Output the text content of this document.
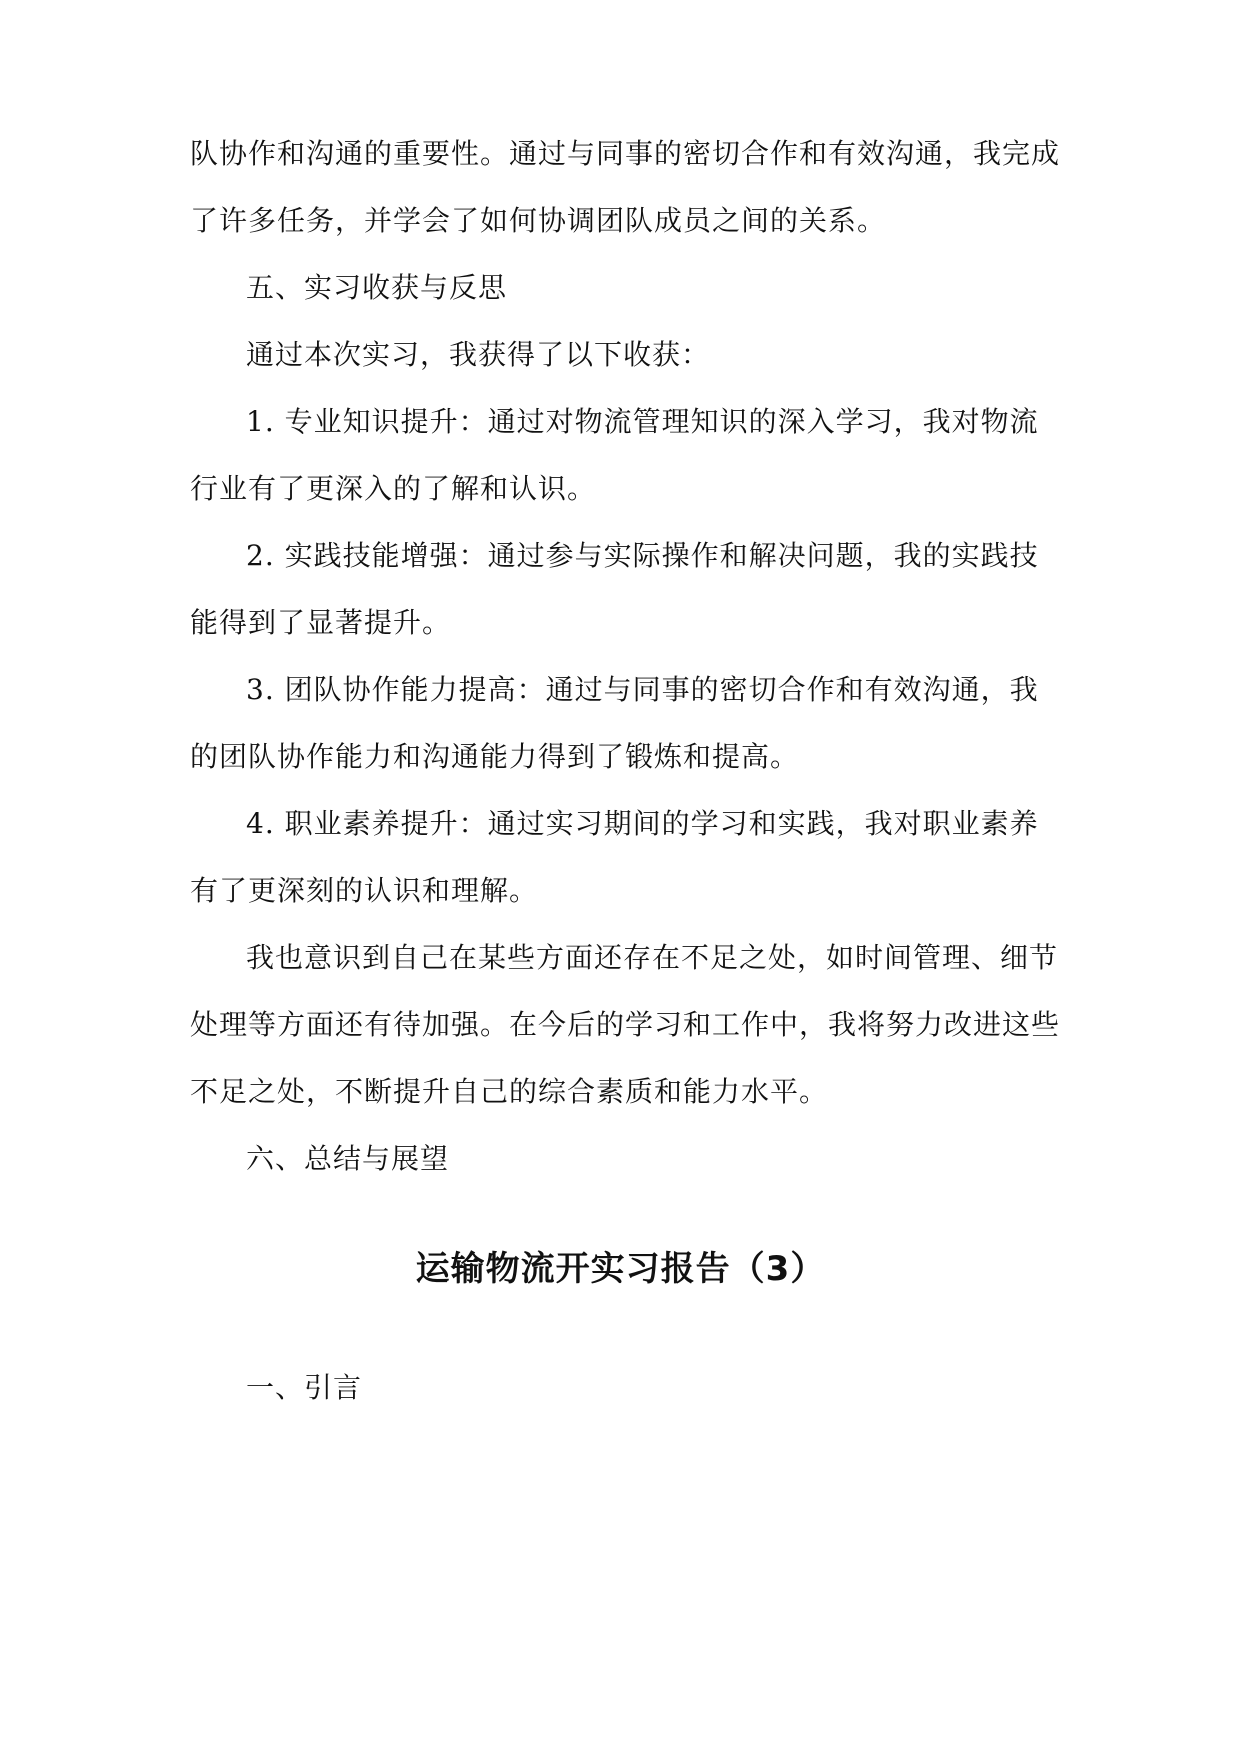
队协作和沟通的重要性。通过与同事的密切合作和有效沟通，我完成
了许多任务，并学会了如何协调团队成员之间的关系。
五、实习收获与反思
通过本次实习，我获得了以下收获：
1. 专业知识提升：通过对物流管理知识的深入学习，我对物流
行业有了更深入的了解和认识。
2. 实践技能增强：通过参与实际操作和解决问题，我的实践技
能得到了显著提升。
3. 团队协作能力提高：通过与同事的密切合作和有效沟通，我
的团队协作能力和沟通能力得到了锻炼和提高。
4. 职业素养提升：通过实习期间的学习和实践，我对职业素养
有了更深刻的认识和理解。
我也意识到自己在某些方面还存在不足之处，如时间管理、细节
处理等方面还有待加强。在今后的学习和工作中，我将努力改进这些
不足之处，不断提升自己的综合素质和能力水平。
六、总结与展望
运输物流开实习报告（3）
一、引言
